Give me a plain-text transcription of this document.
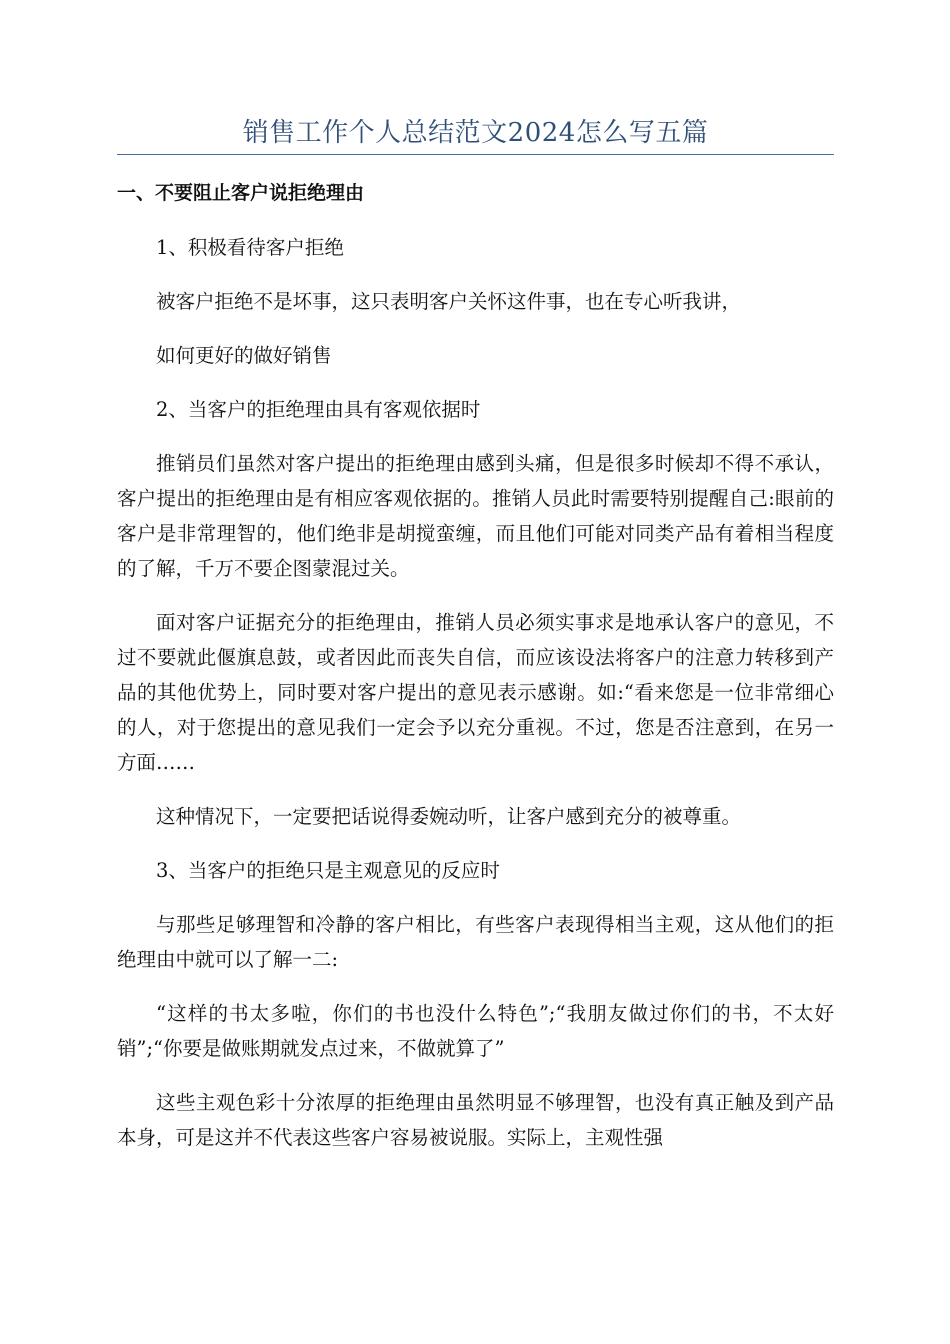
销售工作个人总结范文2024怎么写五篇

一、不要阻止客户说拒绝理由

1、积极看待客户拒绝

被客户拒绝不是坏事，这只表明客户关怀这件事，也在专心听我讲，

如何更好的做好销售

2、当客户的拒绝理由具有客观依据时

推销员们虽然对客户提出的拒绝理由感到头痛，但是很多时候却不得不承认，客户提出的拒绝理由是有相应客观依据的。推销人员此时需要特别提醒自己:眼前的客户是非常理智的，他们绝非是胡搅蛮缠，而且他们可能对同类产品有着相当程度的了解，千万不要企图蒙混过关。

面对客户证据充分的拒绝理由，推销人员必须实事求是地承认客户的意见，不过不要就此偃旗息鼓，或者因此而丧失自信，而应该设法将客户的注意力转移到产品的其他优势上，同时要对客户提出的意见表示感谢。如:“看来您是一位非常细心的人，对于您提出的意见我们一定会予以充分重视。不过，您是否注意到，在另一方面……

这种情况下，一定要把话说得委婉动听，让客户感到充分的被尊重。

3、当客户的拒绝只是主观意见的反应时

与那些足够理智和冷静的客户相比，有些客户表现得相当主观，这从他们的拒绝理由中就可以了解一二:

“这样的书太多啦，你们的书也没什么特色”;“我朋友做过你们的书，不太好销”;“你要是做账期就发点过来，不做就算了”

这些主观色彩十分浓厚的拒绝理由虽然明显不够理智，也没有真正触及到产品本身，可是这并不代表这些客户容易被说服。实际上，主观性强
